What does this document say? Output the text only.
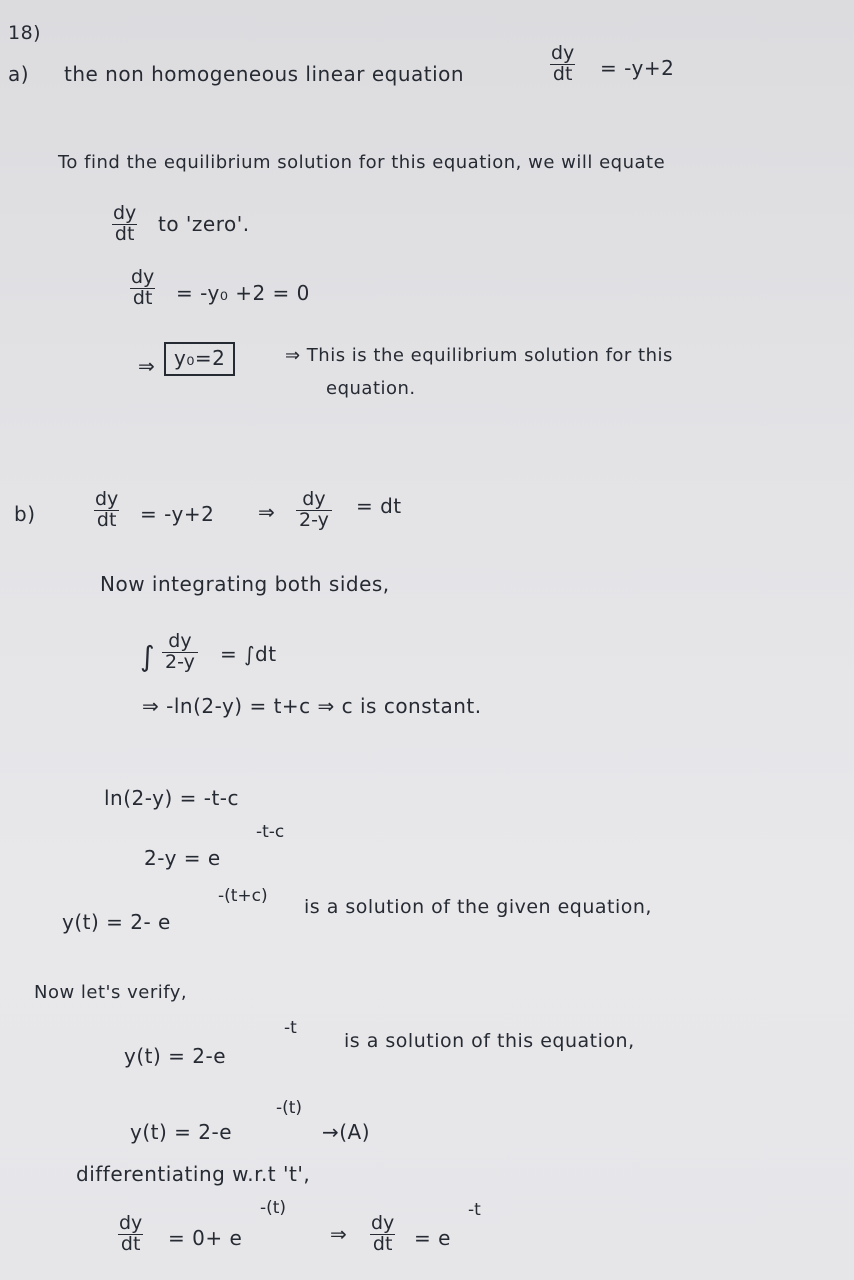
18)
a) the non homogeneous linear equation	$\frac{dy}{dt} = -y+2$
To find the equilibrium solution for this equation, we will equate
$\frac{dy}{dt}$ to 'zero'.
$\frac{dy}{dt} = -y_0 +2 = 0$
⇒ y₀=2	⇒ This is the equilibrium solution for this
equation.
b)	$\frac{dy}{dt} = -y+2$ ⇒ $\frac{dy}{2-y}$ = dt
Now integrating both sides,
∫ $\frac{dy}{2-y} = \int dt$
⇒ -ln(2-y) = t+c ⇒ c is constant.
ln(2-y) = -t-c
2-y = e
-t-c
y(t) = 2- e
-(t+c) is a solution of the given equation,
Now let's verify,
y(t) = 2-e
-t
is a solution of this equation,
y(t) = 2-e
-(t)
→(A)
differentiating w.r.t 't',
$\frac{dy}{dt} = 0+ e$
-(t)
⇒ $\frac{dy}{dt} = e$
-t
